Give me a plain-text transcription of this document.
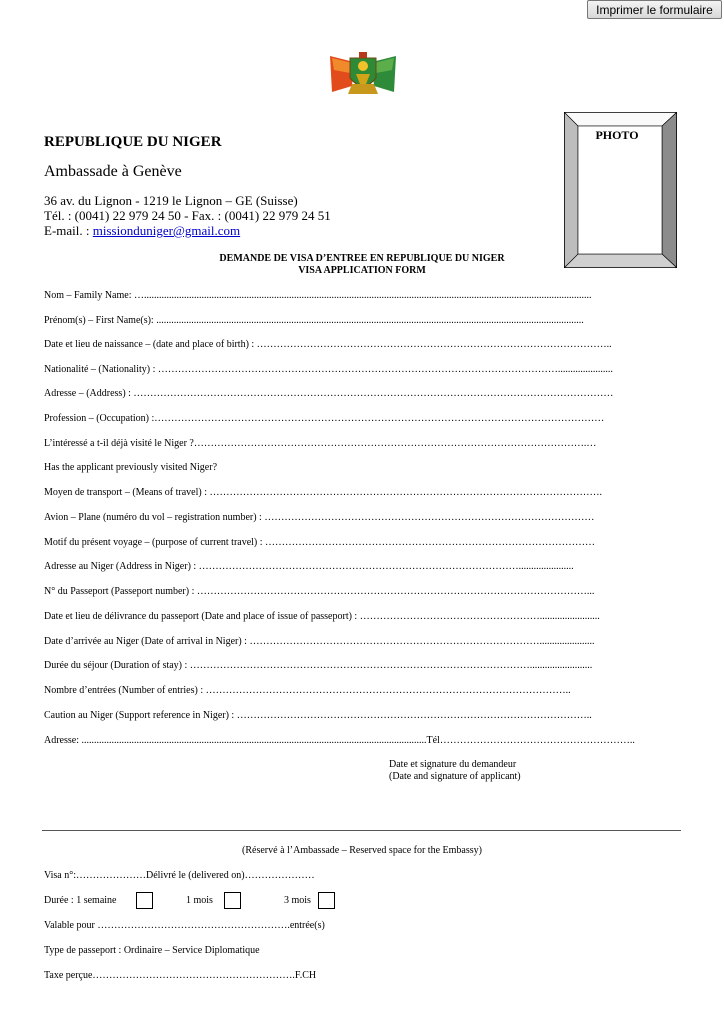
Imprimer le formulaire
PHOTO
REPUBLIQUE DU NIGER
Ambassade à Genève
36 av. du Lignon - 1219 le Lignon – GE (Suisse)
Tél. : (0041) 22 979 24 50 - Fax. : (0041) 22 979 24 51
E-mail. : missionduniger@gmail.com
DEMANDE DE VISA D’ENTREE EN REPUBLIQUE DU NIGER
VISA APPLICATION FORM
Nom – Family Name: …...................................................................................................................................................................................
Prénom(s) – First Name(s): ...........................................................................................................................................................................
Date et lieu de naissance – (date and place of birth) : ……………………………………………………………………………………………..
Nationalité – (Nationality) : …………………………………………………………………………………………………………......................
Adresse – (Address) : ………………………………………………………………………………………………………………………………
Profession – (Occupation) :………………………………………………………………………………………………………………………
L’intéressé a t-il déjà visité le Niger ?……………………………………………………………………………………………………….…
Has the applicant previously visited Niger?
Moyen de transport – (Means of travel) : ……………………………………………………………………………………………………….
Avion – Plane (numéro du vol – registration number) : ………………………………………………………………………………………
Motif du présent voyage – (purpose of current travel) : ………………………………………………………………………………………
Adresse au Niger (Address in Niger) : ……………………………………………………………………………………......................
N° du Passeport (Passeport number) : ………………………………………………………………………………………………………...
Date et lieu de délivrance du passeport (Date and place of issue of passeport) : ………………………………………………........................
Date d’arrivée au Niger (Date of arrival in Niger) : ……………………………………………………………………………......................
Durée du séjour (Duration of stay) : ………………………………………………………………………………………….........................
Nombre d’entrées (Number of entries) : ………………………………………………………………………………………………..
Caution au Niger (Support reference in Niger) : ……………………………………………………………………………………………..
Adresse: ..........................................................................................................................................Tél…………………………………………………..
Date et signature du demandeur
(Date and signature of applicant)
(Réservé à l’Ambassade – Reserved space for the Embassy)
Visa n°:…………………Délivré le (delivered on)…………………
Durée : 1 semaine	1 mois	3 mois
Valable pour ………………………………………………….entrée(s)
Type de passeport : Ordinaire – Service Diplomatique
Taxe perçue…………………………………………………….F.CH
